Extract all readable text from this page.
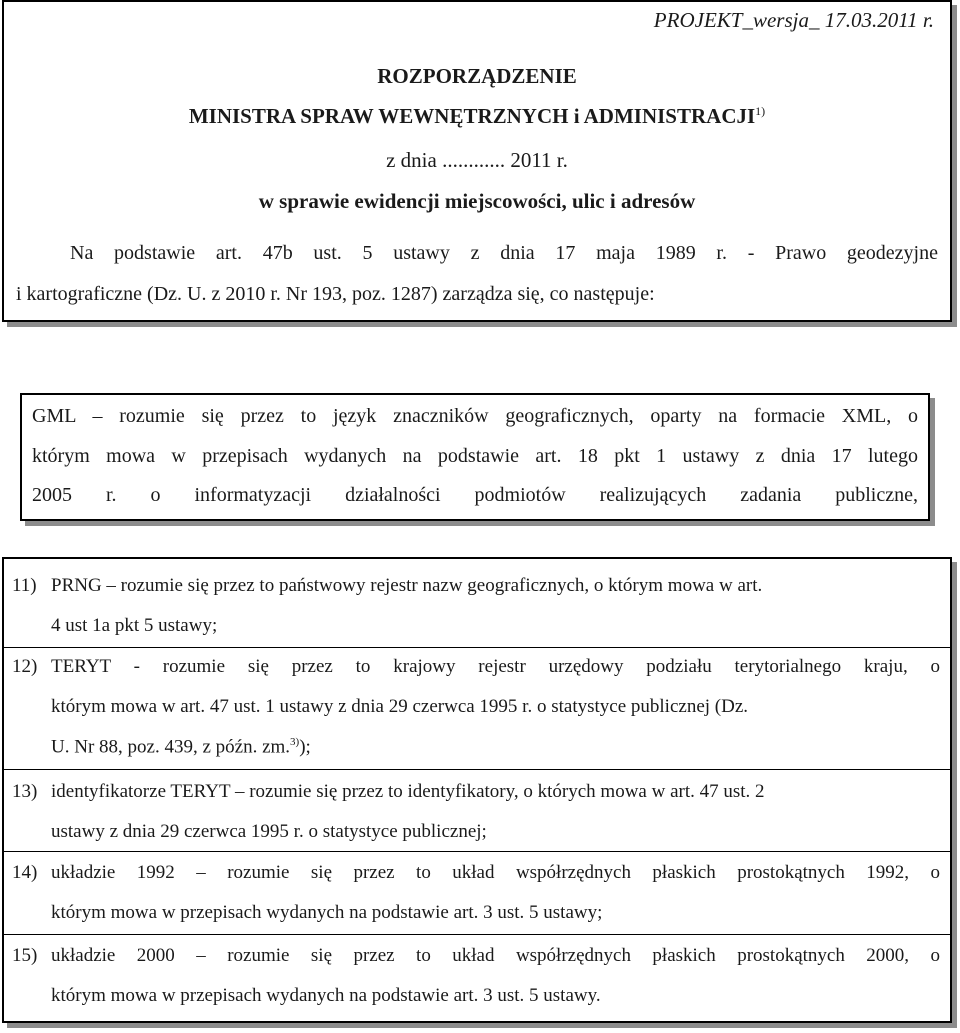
PROJEKT_wersja_ 17.03.2011 r.
ROZPORZĄDZENIE
MINISTRA SPRAW WEWNĘTRZNYCH i ADMINISTRACJI$^{1)}$
z dnia ............ 2011 r.
w sprawie ewidencji miejscowości, ulic i adresów
Na podstawie art. 47b ust. 5 ustawy z dnia 17 maja 1989 r. - Prawo geodezyjne
i kartograficzne (Dz. U. z 2010 r. Nr 193, poz. 1287) zarządza się, co następuje:
GML – rozumie się przez to język znaczników geograficznych, oparty na formacie XML, o
którym mowa w przepisach wydanych na podstawie art. 18 pkt 1 ustawy z dnia 17 lutego
2005 r. o informatyzacji działalności podmiotów realizujących zadania publiczne,
11) PRNG – rozumie się przez to państwowy rejestr nazw geograficznych, o którym mowa w art.
4 ust 1a pkt 5 ustawy;
12) TERYT - rozumie się przez to krajowy rejestr urzędowy podziału terytorialnego kraju, o
którym mowa w art. 47 ust. 1 ustawy z dnia 29 czerwca 1995 r. o statystyce publicznej (Dz.
U. Nr 88, poz. 439, z późn. zm.$^{3)}$);
13) identyfikatorze TERYT – rozumie się przez to identyfikatory, o których mowa w art. 47 ust. 2
ustawy z dnia 29 czerwca 1995 r. o statystyce publicznej;
14) układzie 1992 – rozumie się przez to układ współrzędnych płaskich prostokątnych 1992, o
którym mowa w przepisach wydanych na podstawie art. 3 ust. 5 ustawy;
15) układzie 2000 – rozumie się przez to układ współrzędnych płaskich prostokątnych 2000, o
którym mowa w przepisach wydanych na podstawie art. 3 ust. 5 ustawy.
